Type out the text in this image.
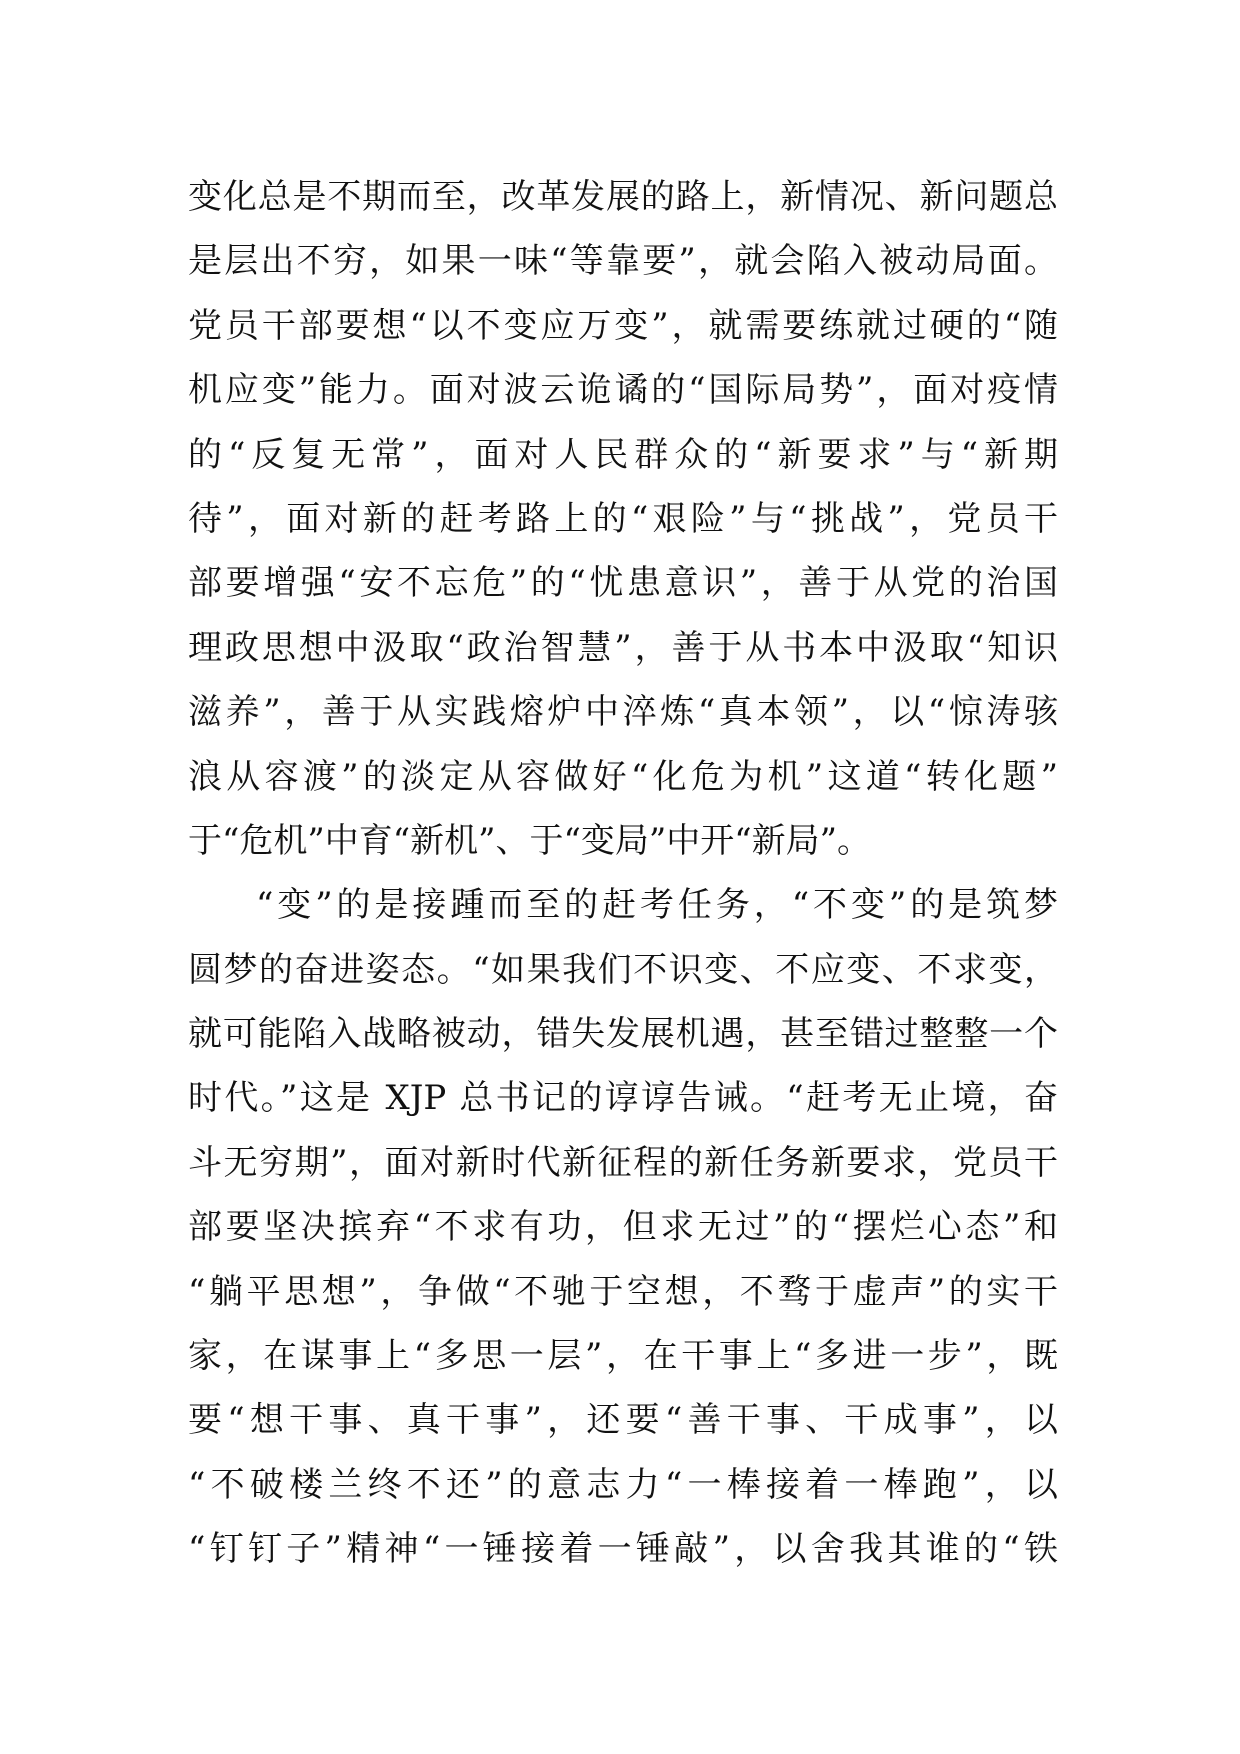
变化总是不期而至，改革发展的路上，新情况、新问题总
是层出不穷，如果一味“等靠要”，就会陷入被动局面。
党员干部要想“以不变应万变”，就需要练就过硬的“随
机应变”能力。面对波云诡谲的“国际局势”，面对疫情
的“反复无常”，面对人民群众的“新要求”与“新期
待”，面对新的赶考路上的“艰险”与“挑战”，党员干
部要增强“安不忘危”的“忧患意识”，善于从党的治国
理政思想中汲取“政治智慧”，善于从书本中汲取“知识
滋养”，善于从实践熔炉中淬炼“真本领”，以“惊涛骇
浪从容渡”的淡定从容做好“化危为机”这道“转化题”
于“危机”中育“新机”、于“变局”中开“新局”。
“变”的是接踵而至的赶考任务，“不变”的是筑梦
圆梦的奋进姿态。“如果我们不识变、不应变、不求变，
就可能陷入战略被动，错失发展机遇，甚至错过整整一个
时代。”这是 XJP 总书记的谆谆告诫。“赶考无止境，奋
斗无穷期”，面对新时代新征程的新任务新要求，党员干
部要坚决摈弃“不求有功，但求无过”的“摆烂心态”和
“躺平思想”，争做“不驰于空想，不骛于虚声”的实干
家，在谋事上“多思一层”，在干事上“多进一步”，既
要“想干事、真干事”，还要“善干事、干成事”，以
“不破楼兰终不还”的意志力“一棒接着一棒跑”，以
“钉钉子”精神“一锤接着一锤敲”，以舍我其谁的“铁
